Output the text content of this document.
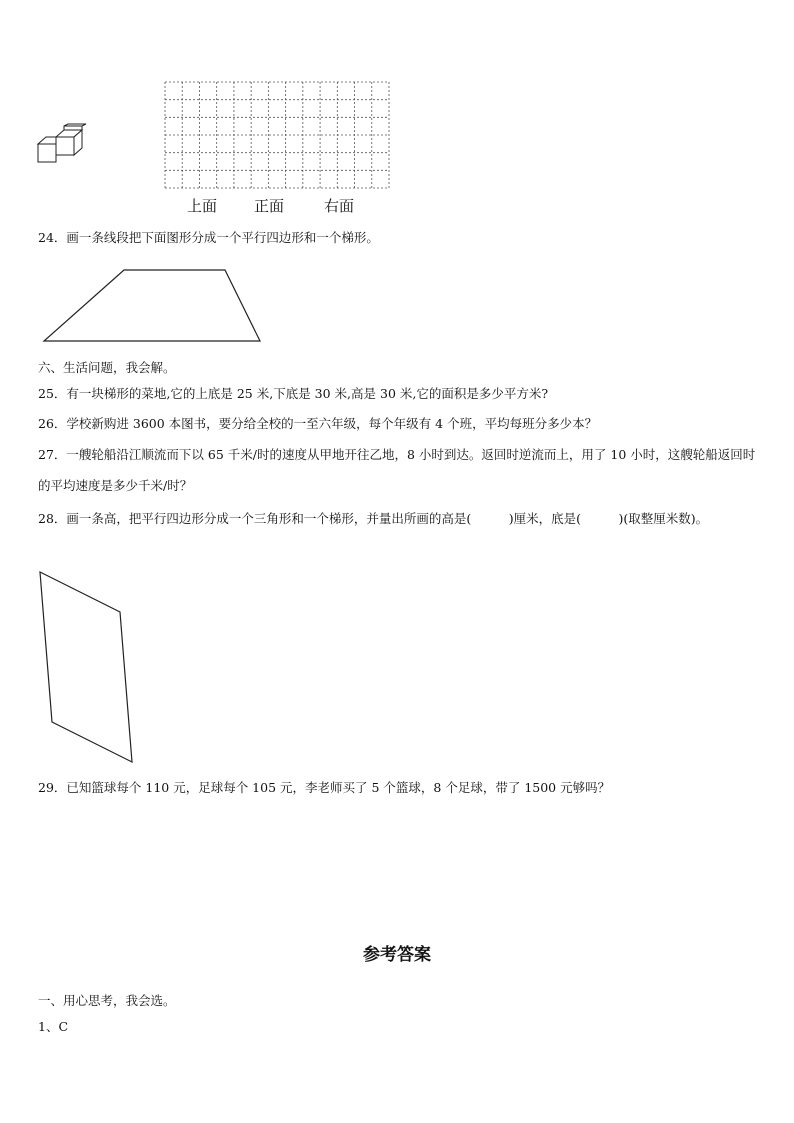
上面 正面	右面
24．画一条线段把下面图形分成一个平行四边形和一个梯形。
六、生活问题，我会解。
25．有一块梯形的菜地,它的上底是 25 米,下底是 30 米,高是 30 米,它的面积是多少平方米?
26．学校新购进 3600 本图书，要分给全校的一至六年级，每个年级有 4 个班，平均每班分多少本？
27．一艘轮船沿江顺流而下以 65 千米/时的速度从甲地开往乙地，8 小时到达。返回时逆流而上，用了 10 小时，这艘轮船返回时的平均速度是多少千米/时？
28．画一条高，把平行四边形分成一个三角形和一个梯形，并量出所画的高是(　　　)厘米，底是(　　　)(取整厘米数)。
29．已知篮球每个 110 元，足球每个 105 元，李老师买了 5 个篮球，8 个足球，带了 1500 元够吗？
参考答案
一、用心思考，我会选。
1、C
